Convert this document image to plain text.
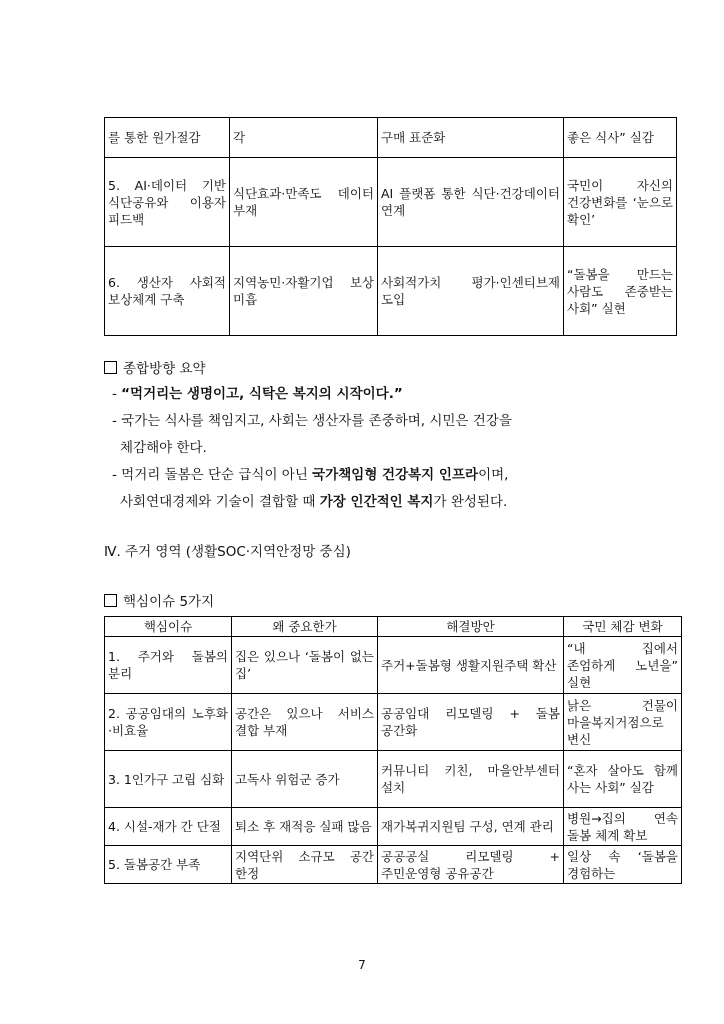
를 통한 원가절감	각	구매 표준화	좋은 식사” 실감
5. AI·데이터 기반 식단공유와 이용자 피드백	식단효과·만족도 데이터 부재	AI 플랫폼 통한 식단·건강데이터 연계	국민이 자신의 건강변화를 ‘눈으로 확인’
6. 생산자 사회적 보상체계 구축	지역농민·자활기업 보상 미흡	사회적가치 평가·인센티브제 도입	“돌봄을 만드는 사람도 존중받는 사회” 실현
종합방향 요약
- “먹거리는 생명이고, 식탁은 복지의 시작이다.”
- 국가는 식사를 책임지고, 사회는 생산자를 존중하며, 시민은 건강을
체감해야 한다.
- 먹거리 돌봄은 단순 급식이 아닌 국가책임형 건강복지 인프라이며,
사회연대경제와 기술이 결합할 때 가장 인간적인 복지가 완성된다.
Ⅳ. 주거 영역 (생활SOC·지역안정망 중심)
핵심이슈 5가지
핵심이슈	왜 중요한가	해결방안	국민 체감 변화
1. 주거와 돌봄의 분리	집은 있으나 ‘돌봄이 없는 집’	주거+돌봄형 생활지원주택 확산	“내 집에서 존엄하게 노년을” 실현
2. 공공임대의 노후화·비효율	공간은 있으나 서비스 결합 부재	공공임대 리모델링 + 돌봄 공간화	낡은 건물이 마을복지거점으로 변신
3. 1인가구 고립 심화	고독사 위험군 증가	커뮤니티 키친, 마을안부센터 설치	“혼자 살아도 함께 사는 사회” 실감
4. 시설-재가 간 단절	퇴소 후 재적응 실패 많음	재가복귀지원팀 구성, 연계 관리	병원→집의 연속 돌봄 체계 확보
5. 돌봄공간 부족	지역단위 소규모 공간 한정	공공공실 리모델링 + 주민운영형 공유공간	일상 속 ‘돌봄을 경험하는
7
